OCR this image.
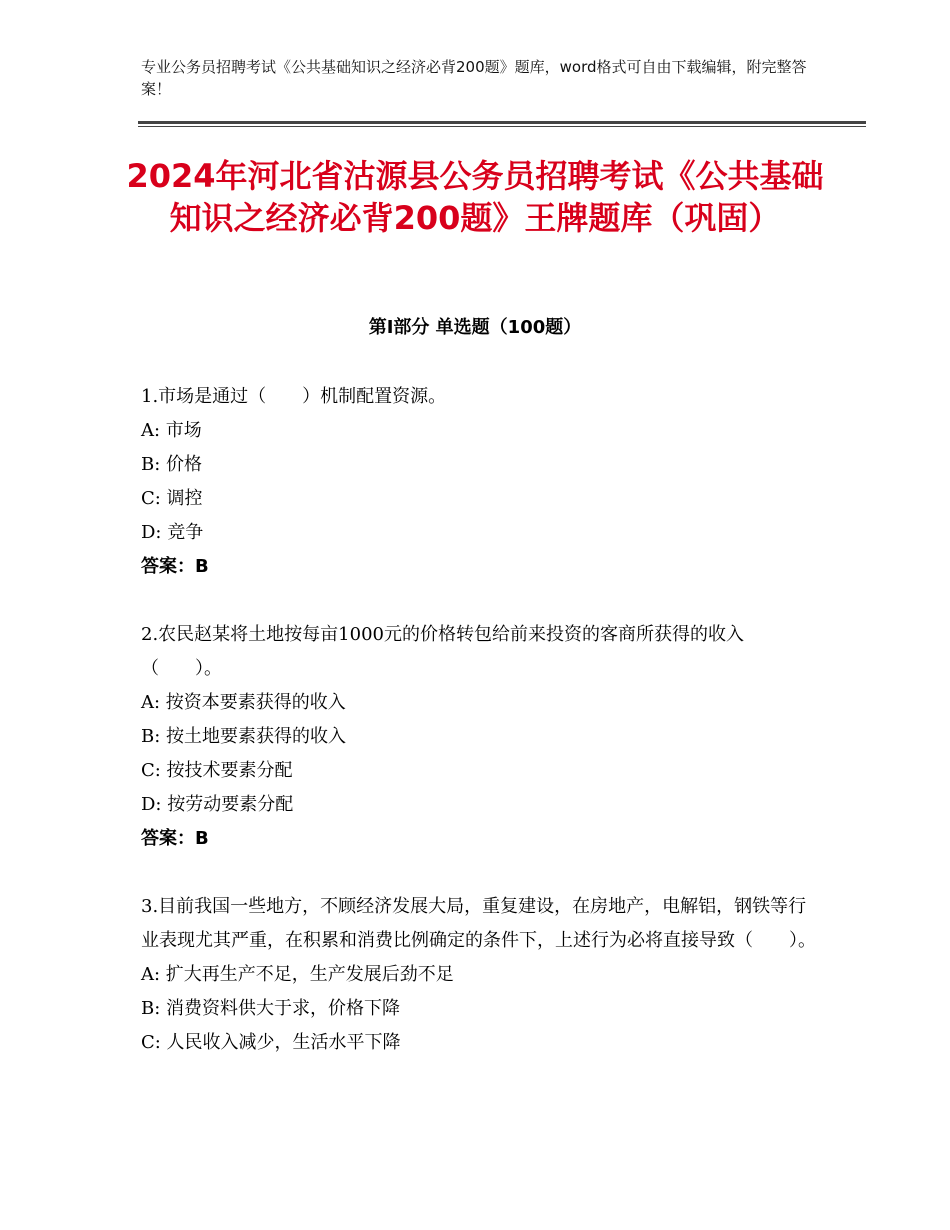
专业公务员招聘考试《公共基础知识之经济必背200题》题库，word格式可自由下载编辑，附完整答案！
2024年河北省沽源县公务员招聘考试《公共基础知识之经济必背200题》王牌题库（巩固）
第Ⅰ部分 单选题（100题）

1.市场是通过（　　）机制配置资源。

A: 市场

B: 价格

C: 调控

D: 竞争

答案：B

2.农民赵某将土地按每亩1000元的价格转包给前来投资的客商所获得的收入（　　）。

A: 按资本要素获得的收入

B: 按土地要素获得的收入

C: 按技术要素分配

D: 按劳动要素分配

答案：B

3.目前我国一些地方，不顾经济发展大局，重复建设，在房地产，电解铝，钢铁等行业表现尤其严重，在积累和消费比例确定的条件下，上述行为必将直接导致（　　）。

A: 扩大再生产不足，生产发展后劲不足

B: 消费资料供大于求，价格下降

C: 人民收入减少，生活水平下降
